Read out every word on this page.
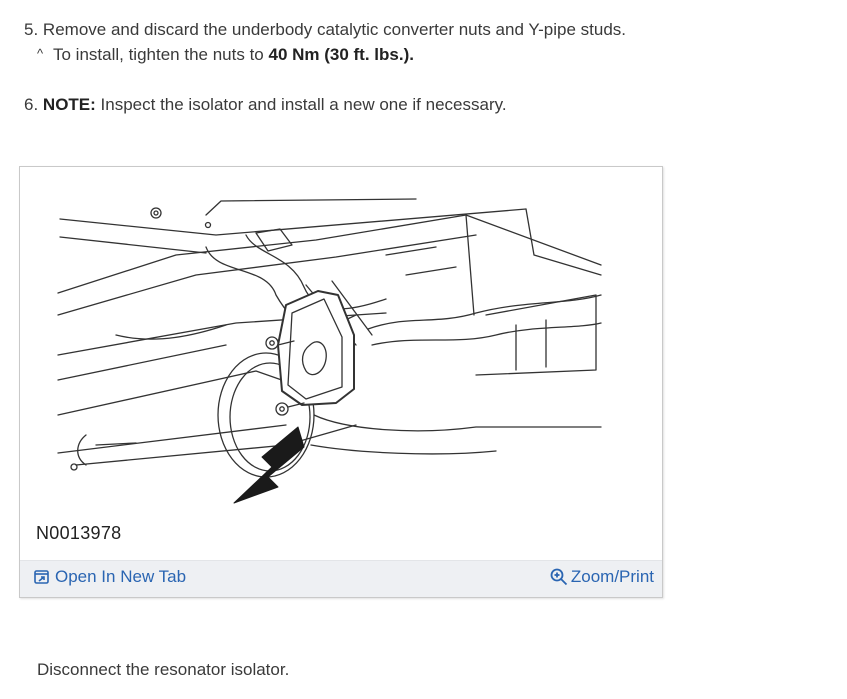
5. Remove and discard the underbody catalytic converter nuts and Y-pipe studs.
^ To install, tighten the nuts to 40 Nm (30 ft. lbs.).
6. NOTE: Inspect the isolator and install a new one if necessary.
N0013978
Open In New Tab	Zoom/Print
Disconnect the resonator isolator.
